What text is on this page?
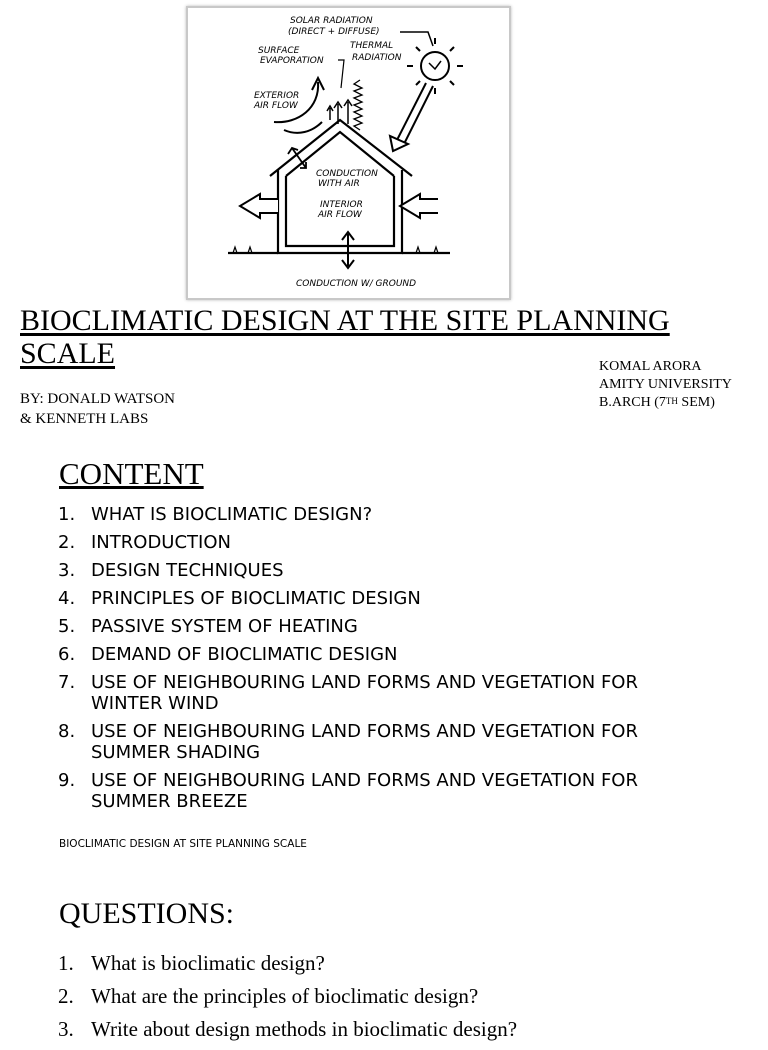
SOLAR RADIATION
(DIRECT + DIFFUSE)
SURFACE
EVAPORATION
THERMAL
RADIATION
EXTERIOR
AIR FLOW
CONDUCTION
WITH AIR
INTERIOR
AIR FLOW
CONDUCTION W/ GROUND
BIOCLIMATIC DESIGN AT THE SITE PLANNING SCALE
BY: DONALD WATSON
& KENNETH LABS
KOMAL ARORA
AMITY UNIVERSITY
B.ARCH (7TH SEM)
CONTENT
1. WHAT IS BIOCLIMATIC DESIGN?
2. INTRODUCTION
3. DESIGN TECHNIQUES
4. PRINCIPLES OF BIOCLIMATIC DESIGN
5. PASSIVE SYSTEM OF HEATING
6. DEMAND OF BIOCLIMATIC DESIGN
7. USE OF NEIGHBOURING LAND FORMS AND VEGETATION FOR WINTER WIND
8. USE OF NEIGHBOURING LAND FORMS AND VEGETATION FOR SUMMER SHADING
9. USE OF NEIGHBOURING LAND FORMS AND VEGETATION FOR SUMMER BREEZE
BIOCLIMATIC DESIGN AT SITE PLANNING SCALE
QUESTIONS:
1. What is bioclimatic design?
2. What are the principles of bioclimatic design?
3. Write about design methods in bioclimatic design?
